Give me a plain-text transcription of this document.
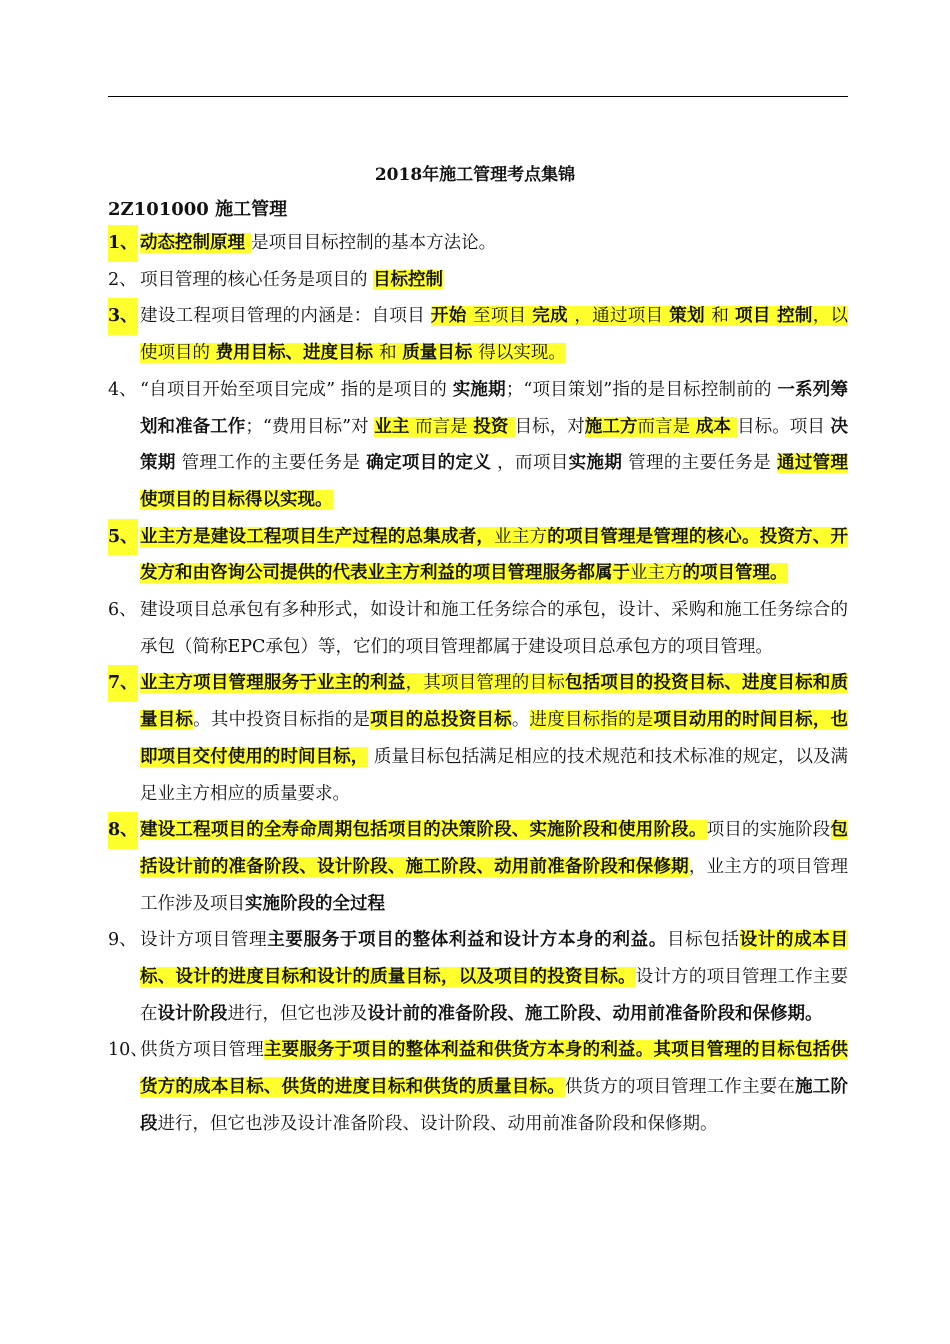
2018年施工管理考点集锦
2Z101000 施工管理
1、 动态控制原理 是项目目标控制的基本方法论。
2、 项目管理的核心任务是项目的 目标控制
3、 建设工程项目管理的内涵是：自项目 开始 至项目 完成 ，通过项目 策划 和 项目 控制，以使项目的 费用目标、进度目标 和 质量目标 得以实现。
4、 “自项目开始至项目完成” 指的是项目的 实施期；“项目策划”指的是目标控制前的 一系列筹划和准备工作；“费用目标”对 业主 而言是 投资 目标，对施工方而言是 成本 目标。项目 决策期 管理工作的主要任务是 确定项目的定义 ，而项目实施期 管理的主要任务是 通过管理使项目的目标得以实现。
5、 业主方是建设工程项目生产过程的总集成者，业主方的项目管理是管理的核心。投资方、开发方和由咨询公司提供的代表业主方利益的项目管理服务都属于业主方的项目管理。
6、 建设项目总承包有多种形式，如设计和施工任务综合的承包，设计、采购和施工任务综合的承包（简称EPC承包）等，它们的项目管理都属于建设项目总承包方的项目管理。
7、 业主方项目管理服务于业主的利益，其项目管理的目标包括项目的投资目标、进度目标和质量目标。其中投资目标指的是项目的总投资目标。进度目标指的是项目动用的时间目标，也即项目交付使用的时间目标， 质量目标包括满足相应的技术规范和技术标准的规定，以及满足业主方相应的质量要求。
8、 建设工程项目的全寿命周期包括项目的决策阶段、实施阶段和使用阶段。项目的实施阶段包括设计前的准备阶段、设计阶段、施工阶段、动用前准备阶段和保修期，业主方的项目管理工作涉及项目实施阶段的全过程
9、 设计方项目管理主要服务于项目的整体利益和设计方本身的利益。目标包括设计的成本目标、设计的进度目标和设计的质量目标，以及项目的投资目标。设计方的项目管理工作主要在设计阶段进行，但它也涉及设计前的准备阶段、施工阶段、动用前准备阶段和保修期。
10、
供货方项目管理主要服务于项目的整体利益和供货方本身的利益。其项目管理的目标包括供货方的成本目标、供货的进度目标和供货的质量目标。供货方的项目管理工作主要在施工阶段进行，但它也涉及设计准备阶段、设计阶段、动用前准备阶段和保修期。
